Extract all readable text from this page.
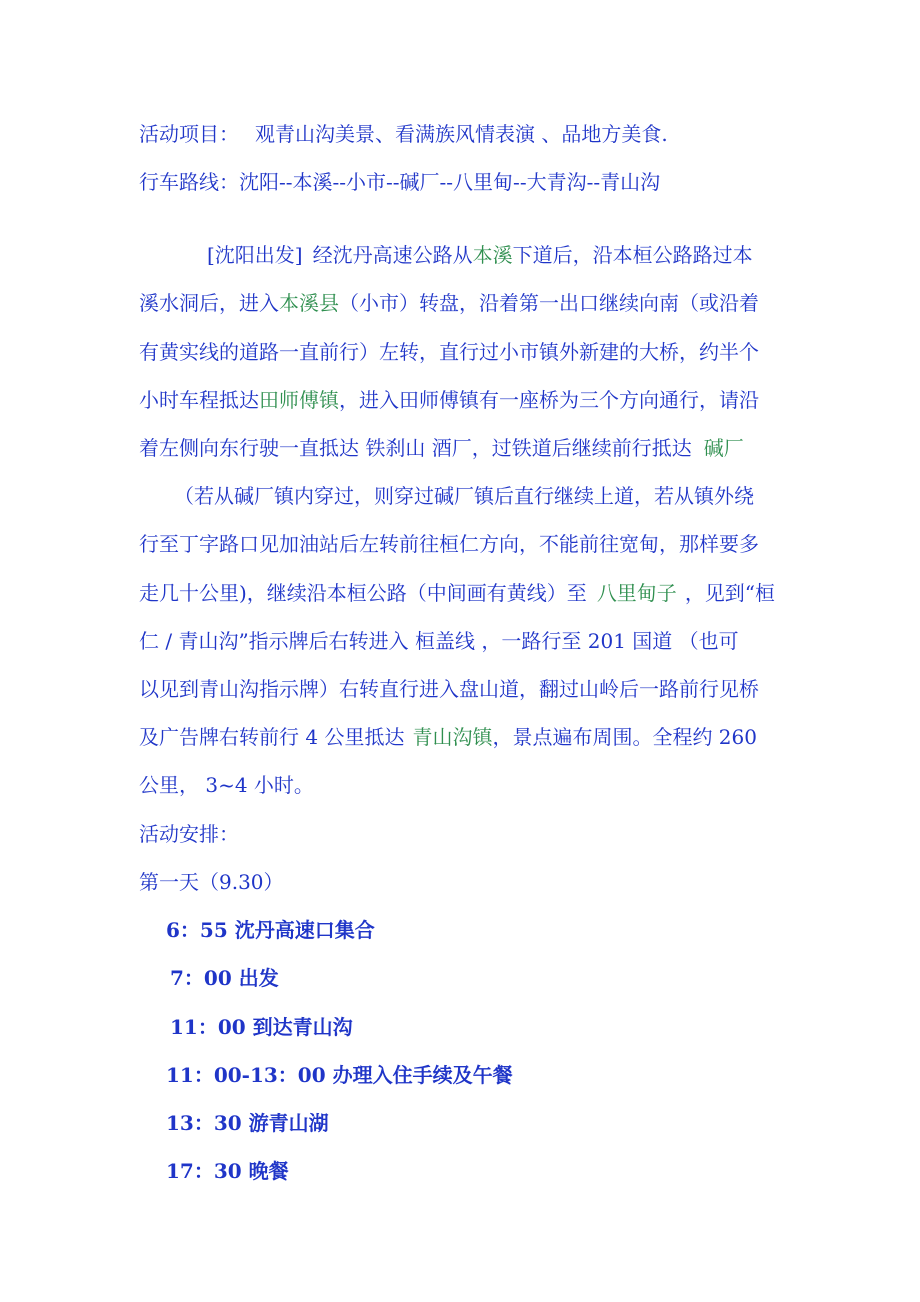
活动项目： 观青山沟美景、看满族风情表演 、品地方美食.
行车路线：沈阳--本溪--小市--碱厂--八里甸--大青沟--青山沟
[沈阳出发] 经沈丹高速公路从本溪下道后，沿本桓公路路过本
溪水洞后，进入本溪县（小市）转盘，沿着第一出口继续向南（或沿着
有黄实线的道路一直前行）左转，直行过小市镇外新建的大桥，约半个
小时车程抵达田师傅镇，进入田师傅镇有一座桥为三个方向通行，请沿
着左侧向东行驶一直抵达 铁刹山 酒厂，过铁道后继续前行抵达 碱厂
（若从碱厂镇内穿过，则穿过碱厂镇后直行继续上道，若从镇外绕
行至丁字路口见加油站后左转前往桓仁方向，不能前往宽甸，那样要多
走几十公里)，继续沿本桓公路（中间画有黄线）至 八里甸子 ，见到“桓
仁 / 青山沟”指示牌后右转进入 桓盖线 ，一路行至 201 国道 （也可
以见到青山沟指示牌）右转直行进入盘山道，翻过山岭后一路前行见桥
及广告牌右转前行 4 公里抵达 青山沟镇，景点遍布周围。全程约 260
公里， 3~4 小时。
活动安排：
第一天（9.30）
6：55 沈丹高速口集合
7：00 出发
11：00 到达青山沟
11：00-13：00 办理入住手续及午餐
13：30 游青山湖
17：30 晚餐
